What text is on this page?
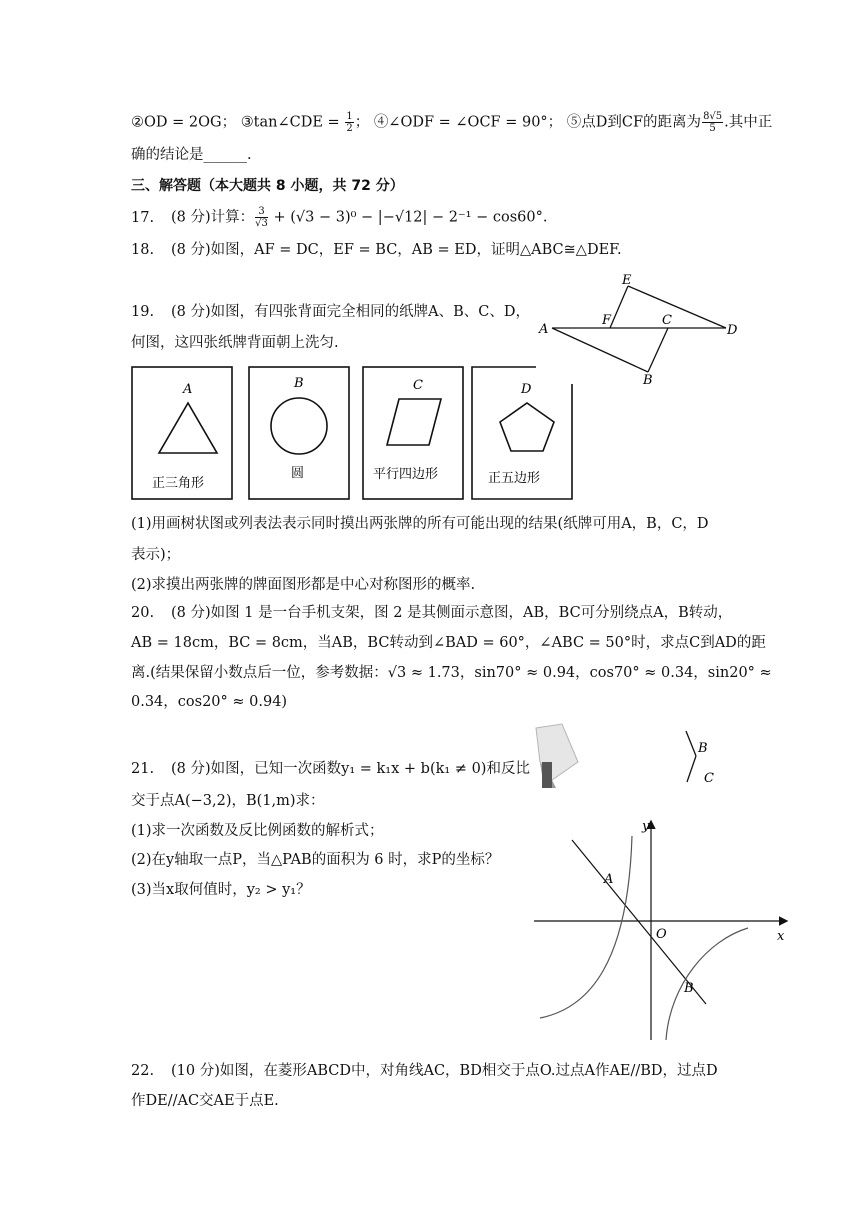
②OD = 2OG； ③tan∠CDE = $\frac{1}{2}$ ； ④∠ODF = ∠OCF = 90°； ⑤点D到CF的距离为 $\frac{8√5}{5}$ .其中正
确的结论是______.
三、解答题（本大题共 8 小题，共 72 分）
17. (8 分)计算： $\frac{3}{√3} + (√3 - 3)^0 - |-√12| - 2^{-1} - \cos 60^\circ$.
18. (8 分)如图，AF = DC，EF = BC，AB = ED，证明△ABC≅△DEF.
E
A
F	C
D
B
19. (8 分)如图，有四张背面完全相同的纸牌A、B、C、D，
何图，这四张纸牌背面朝上洗匀.
A	B	C	D
正三角形
圆	平行四边形	正五边形
(1)用画树状图或列表法表示同时摸出两张牌的所有可能出现的结果(纸牌可用A，B，C，D
表示)；
(2)求摸出两张牌的牌面图形都是中心对称图形的概率.
20. (8 分)如图 1 是一台手机支架，图 2 是其侧面示意图，AB，BC可分别绕点A，B转动，
AB = 18cm，BC = 8cm，当AB，BC转动到∠BAD = 60°，∠ABC = 50°时，求点C到AD的距
离.(结果保留小数点后一位，参考数据：√3 ≈ 1.73，sin70° ≈ 0.94，cos70° ≈ 0.34，sin20° ≈
0.34，cos20° ≈ 0.94)
B
C
21. (8 分)如图，已知一次函数y₁ = k₁x + b(k₁ ≠ 0)和反比
交于点A(−3,2)，B(1,m)求：
(1)求一次函数及反比例函数的解析式；
(2)在y轴取一点P，当△PAB的面积为 6 时，求P的坐标？
(3)当x取何值时，y₂ > y₁？
y
x
O
A
B
22. (10 分)如图，在菱形ABCD中，对角线AC，BD相交于点O.过点A作AE//BD，过点D
作DE//AC交AE于点E.
